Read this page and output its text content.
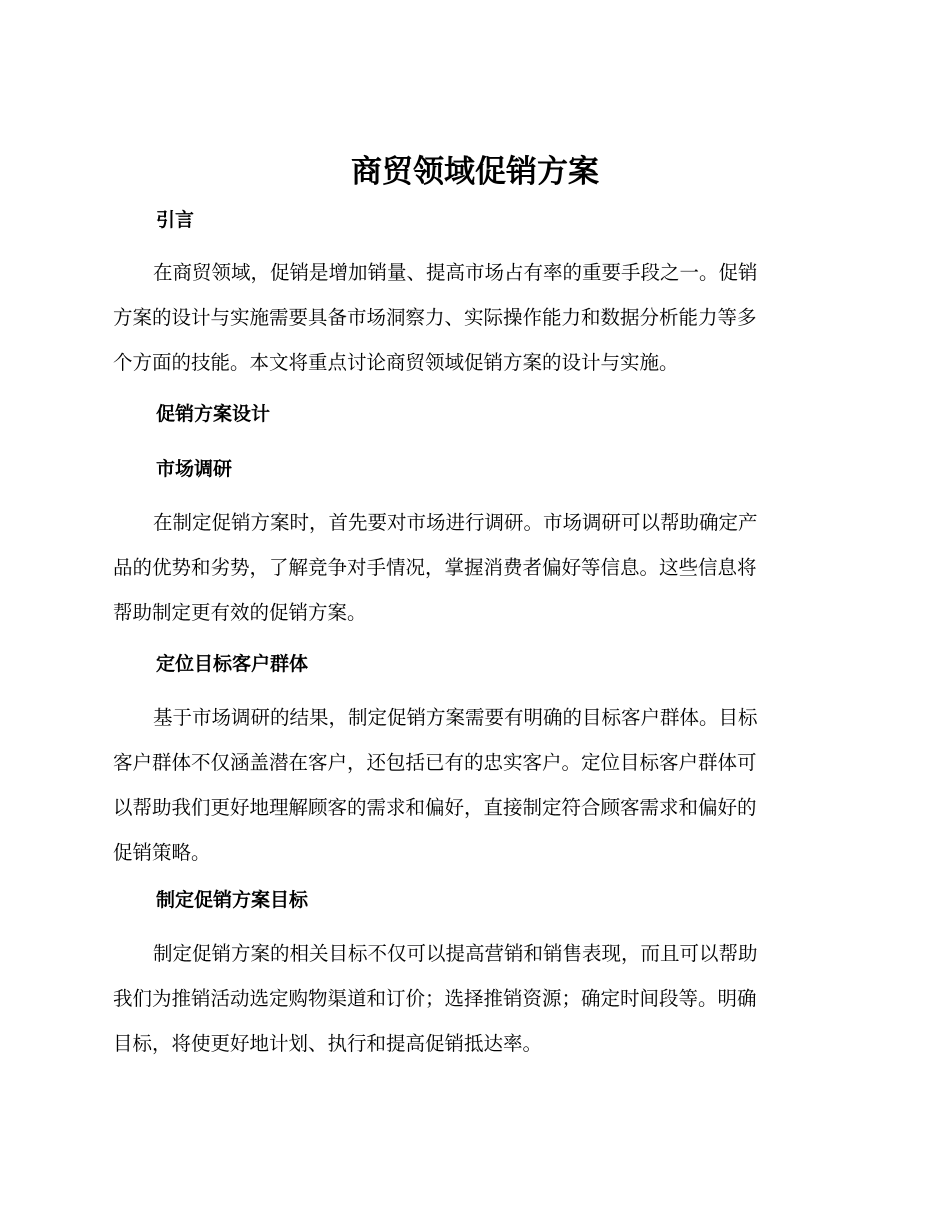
商贸领域促销方案
引言

在商贸领域，促销是增加销量、提高市场占有率的重要手段之一。促销
方案的设计与实施需要具备市场洞察力、实际操作能力和数据分析能力等多
个方面的技能。本文将重点讨论商贸领域促销方案的设计与实施。

促销方案设计
市场调研

在制定促销方案时，首先要对市场进行调研。市场调研可以帮助确定产
品的优势和劣势，了解竞争对手情况，掌握消费者偏好等信息。这些信息将
帮助制定更有效的促销方案。

定位目标客户群体

基于市场调研的结果，制定促销方案需要有明确的目标客户群体。目标
客户群体不仅涵盖潜在客户，还包括已有的忠实客户。定位目标客户群体可
以帮助我们更好地理解顾客的需求和偏好，直接制定符合顾客需求和偏好的
促销策略。

制定促销方案目标

制定促销方案的相关目标不仅可以提高营销和销售表现，而且可以帮助
我们为推销活动选定购物渠道和订价；选择推销资源；确定时间段等。明确
目标，将使更好地计划、执行和提高促销抵达率。
